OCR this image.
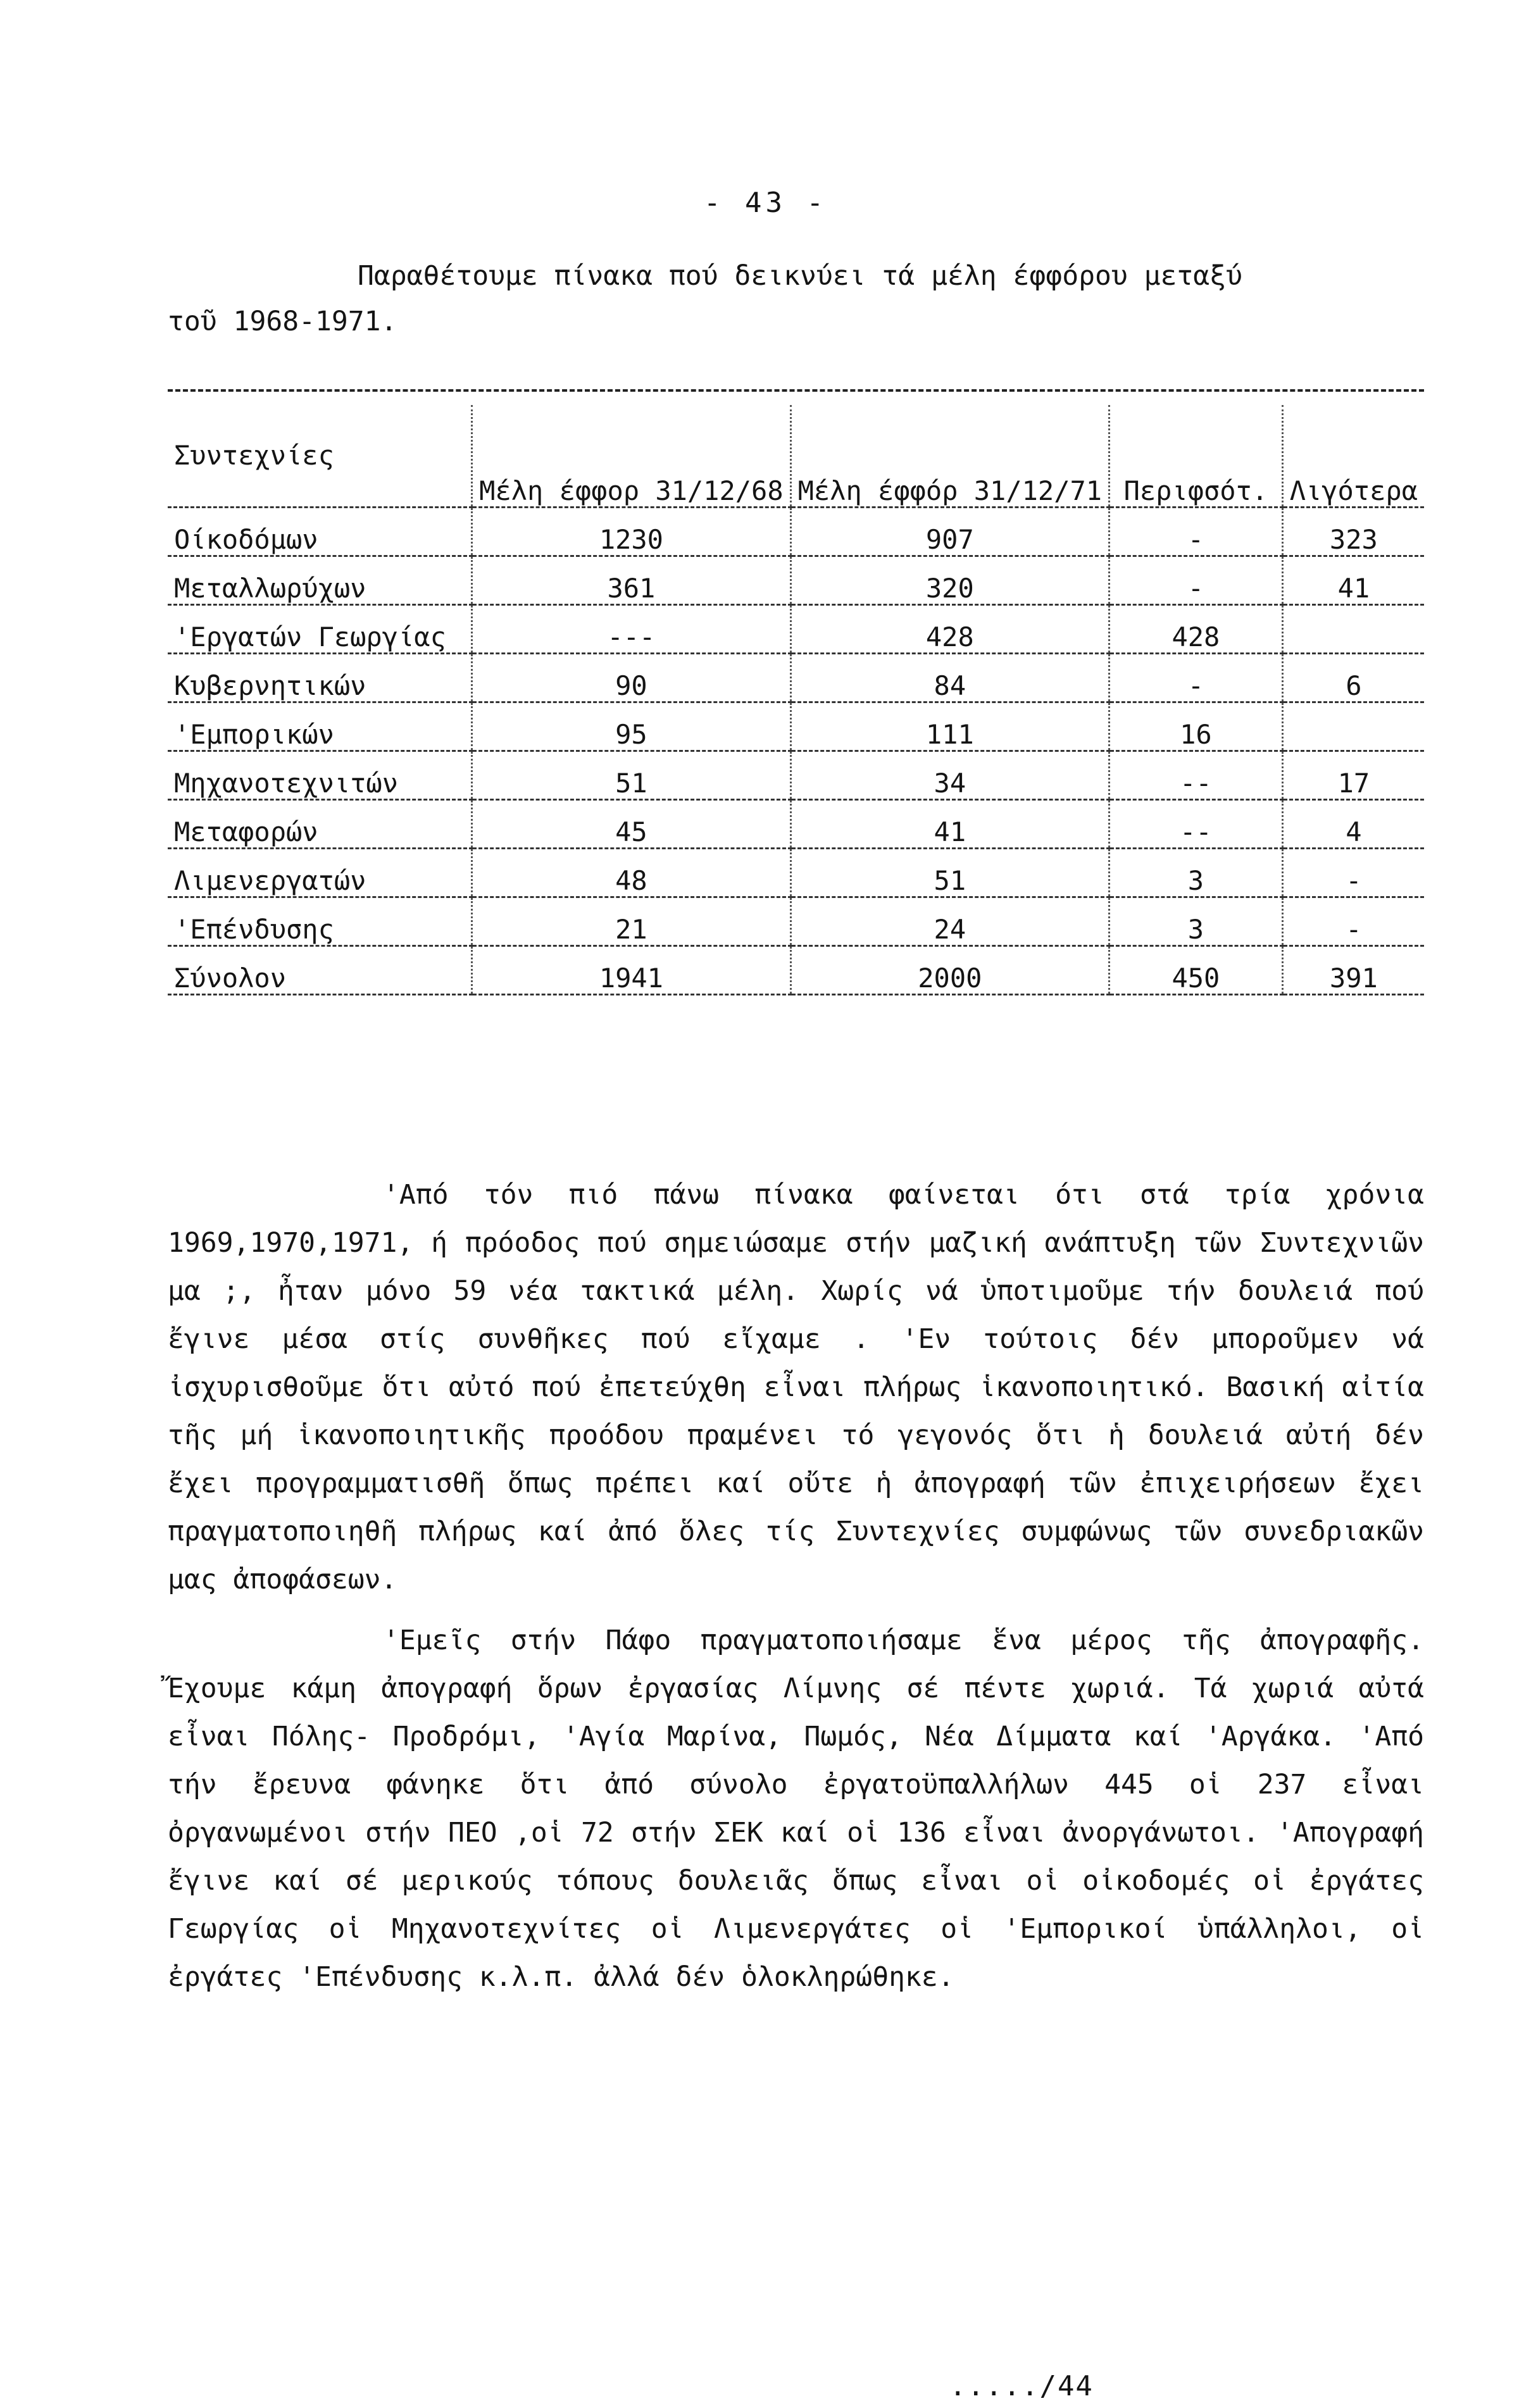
- 43 -
Παραθέτουμε πίνακα πού δεικνύει τά μέλη έφφόρου μεταξύ
τοῦ 1968-1971.
Συντεχνίες	Μέλη έφφορ 31/12/68	Μέλη έφφόρ 31/12/71	Περιφσότ.	Λιγότερα
Οίκοδόμων	1230	907	-	323
Μεταλλωρύχων	361	320	-	41
'Εργατών Γεωργίας	---	428	428	
Κυβερνητικών	90	84	-	6
'Εμπορικών	95	111	16	
Μηχανοτεχνιτών	51	34	--	17
Μεταφορών	45	41	--	4
Λιμενεργατών	48	51	3	-
'Επένδυσης	21	24	3	-
Σύνολον	1941	2000	450	391

'Από τόν πιό πάνω πίνακα φαίνεται ότι στά τρία χρόνια 1969,1970,1971, ή πρόοδος πού σημειώσαμε στήν μαζική ανάπτυξη τῶν Συντεχνιῶν μα ;, ἦταν μόνο 59 νέα τακτικά μέλη. Χωρίς νά ὑποτιμοῦμε τήν δουλειά πού ἔγινε μέσα στίς συνθῆκες πού εἴχαμε . 'Εν τούτοις δέν μποροῦμεν νά ἰσχυρισθοῦμε ὅτι αὐτό πού ἐπετεύχθη εἶναι πλήρως ἱκανοποιητικό. Βασική αἰτία τῆς μή ἱκανοποιητικῆς προόδου πραμένει τό γεγονός ὅτι ἡ δουλειά αὐτή δέν ἔχει προγραμματισθῆ ὅπως πρέπει καί οὔτε ἡ ἀπογραφή τῶν ἐπιχειρήσεων ἔχει πραγματοποιηθῆ πλήρως καί ἀπό ὅλες τίς Συντεχνίες συμφώνως τῶν συνεδριακῶν μας ἀποφάσεων.

'Εμεῖς στήν Πάφο πραγματοποιήσαμε ἕνα μέρος τῆς ἀπογραφῆς. Ἔχουμε κάμη ἀπογραφή ὅρων ἐργασίας Λίμνης σέ πέντε χωριά. Τά χωριά αὐτά εἶναι Πόλης- Προδρόμι, 'Αγία Μαρίνα, Πωμός, Νέα Δίμματα καί 'Αργάκα. 'Από τήν ἔρευνα φάνηκε ὅτι ἀπό σύνολο ἐργατοϋπαλλήλων 445 οἱ 237 εἶναι ὀργανωμένοι στήν ΠΕΟ ,οἱ 72 στήν ΣΕΚ καί οἱ 136 εἶναι ἀνοργάνωτοι. 'Απογραφή ἔγινε καί σέ μερικούς τόπους δουλειᾶς ὅπως εἶναι οἱ οἰκοδομές οἱ ἐργάτες Γεωργίας οἱ Μηχανοτεχνίτες οἱ Λιμενεργάτες οἱ 'Εμπορικοί ὑπάλληλοι, οἱ ἐργάτες 'Επένδυσης κ.λ.π. ἀλλά δέν ὁλοκληρώθηκε.

...../44
